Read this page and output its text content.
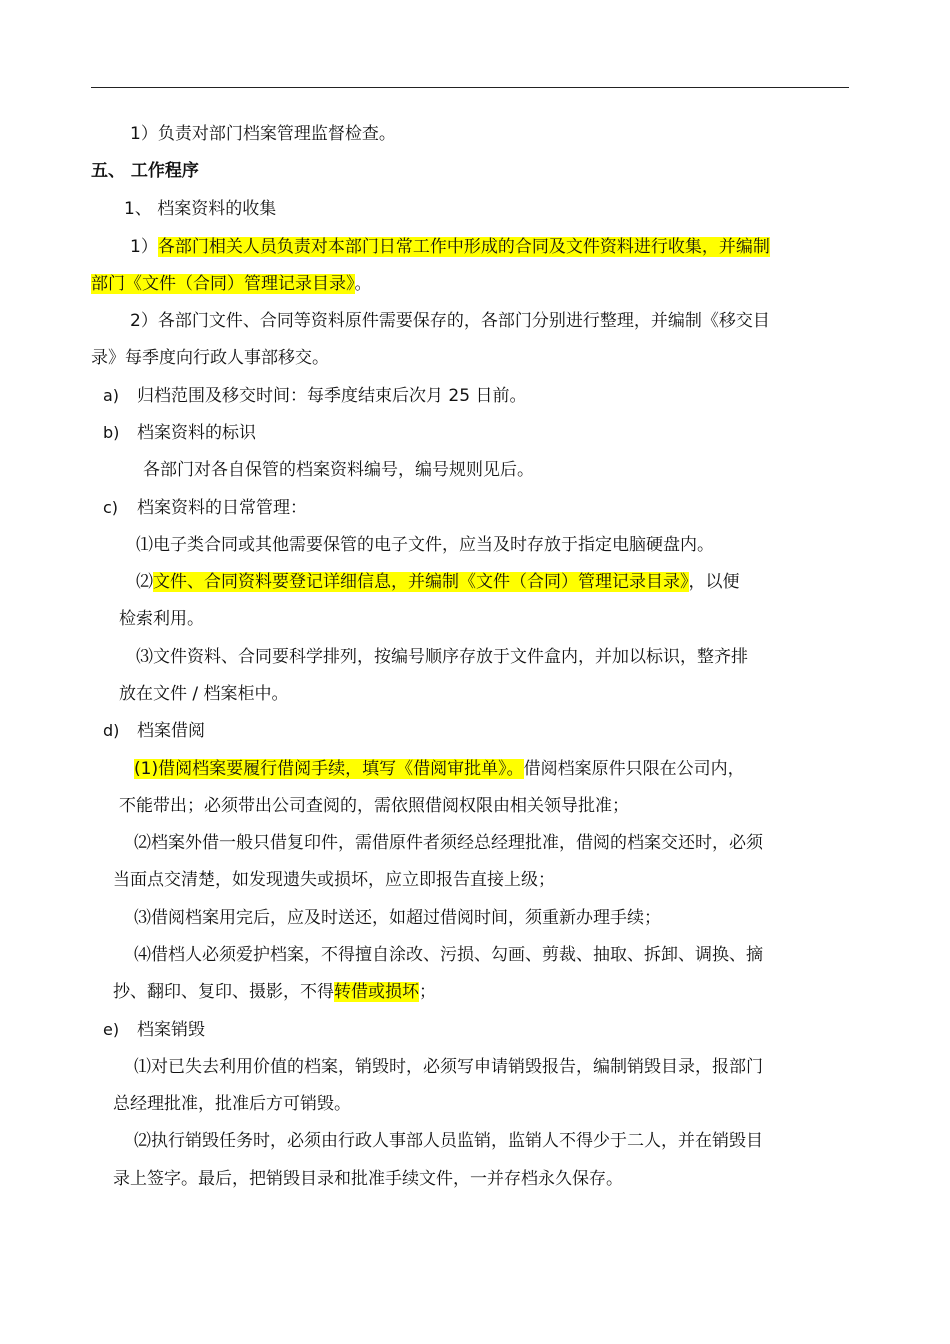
1）负责对部门档案管理监督检查。
五、 工作程序
1、 档案资料的收集
1）各部门相关人员负责对本部门日常工作中形成的合同及文件资料进行收集，并编制
部门《文件（合同）管理记录目录》。
2）各部门文件、合同等资料原件需要保存的，各部门分别进行整理，并编制《移交目
录》每季度向行政人事部移交。
a) 归档范围及移交时间：每季度结束后次月 25 日前。
b) 档案资料的标识
各部门对各自保管的档案资料编号，编号规则见后。
c) 档案资料的日常管理：
⑴电子类合同或其他需要保管的电子文件，应当及时存放于指定电脑硬盘内。
⑵文件、合同资料要登记详细信息，并编制《文件（合同）管理记录目录》，以便
检索利用。
⑶文件资料、合同要科学排列，按编号顺序存放于文件盒内，并加以标识，整齐排
放在文件 / 档案柜中。
d) 档案借阅
(1)借阅档案要履行借阅手续，填写《借阅审批单》。借阅档案原件只限在公司内，
不能带出；必须带出公司查阅的，需依照借阅权限由相关领导批准；
⑵档案外借一般只借复印件，需借原件者须经总经理批准，借阅的档案交还时，必须
当面点交清楚，如发现遗失或损坏，应立即报告直接上级；
⑶借阅档案用完后，应及时送还，如超过借阅时间，须重新办理手续；
⑷借档人必须爱护档案，不得擅自涂改、污损、勾画、剪裁、抽取、拆卸、调换、摘
抄、翻印、复印、摄影，不得转借或损坏；
e) 档案销毁
⑴对已失去利用价值的档案，销毁时，必须写申请销毁报告，编制销毁目录，报部门
总经理批准，批准后方可销毁。
⑵执行销毁任务时，必须由行政人事部人员监销，监销人不得少于二人，并在销毁目
录上签字。最后，把销毁目录和批准手续文件，一并存档永久保存。
